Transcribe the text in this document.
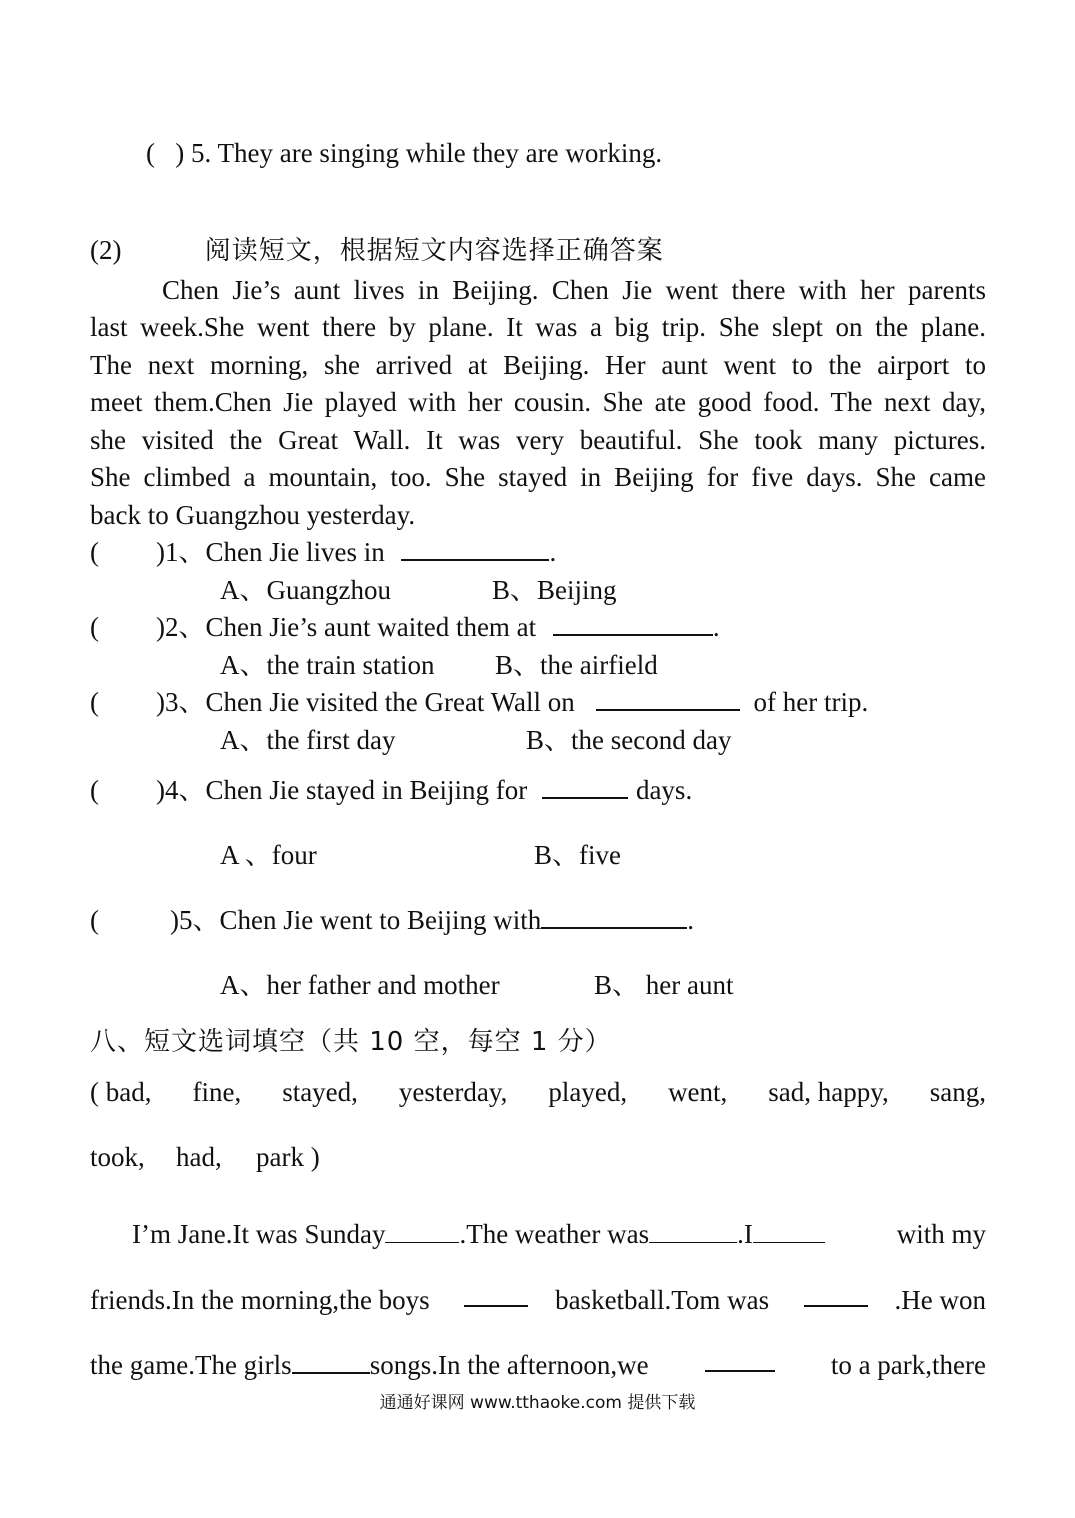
(   ) 5. They are singing while they are working.
(2)	阅读短文，根据短文内容选择正确答案
Chen Jie’s aunt lives in Beijing. Chen Jie went there with her parents
last week.She went there by plane. It was a big trip. She slept on the plane.
The next morning, she arrived at Beijing. Her aunt went to the airport to
meet them.Chen Jie played with her cousin. She ate good food. The next day,
she visited the Great Wall. It was very beautiful. She took many pictures.
She climbed a mountain, too. She stayed in Beijing for five days. She came
back to Guangzhou yesterday.
( )1、Chen Jie lives in	.
A、Guangzhou	B、Beijing
( )2、Chen Jie’s aunt waited them at	.
A、the train station B、the airfield
( )3、Chen Jie visited the Great Wall on	of her trip.
A、the first day	B、the second day
( )4、Chen Jie stayed in Beijing for	days.
A 、four	B、five
(	)5、Chen Jie went to Beijing with	.
A、her father and mother	B、 her aunt
八、短文选词填空（共 10 空，每空 1 分）
( bad, fine, stayed, yesterday, played, went, sad, happy, sang,
took, had, park )
I’m Jane.It was Sunday	.The weather was	.I	with my
friends.In the morning,the boys	basketball.Tom was	.He won
the game.The girls	songs.In the afternoon,we	to a park,there
通通好课网 www.tthaoke.com 提供下载
